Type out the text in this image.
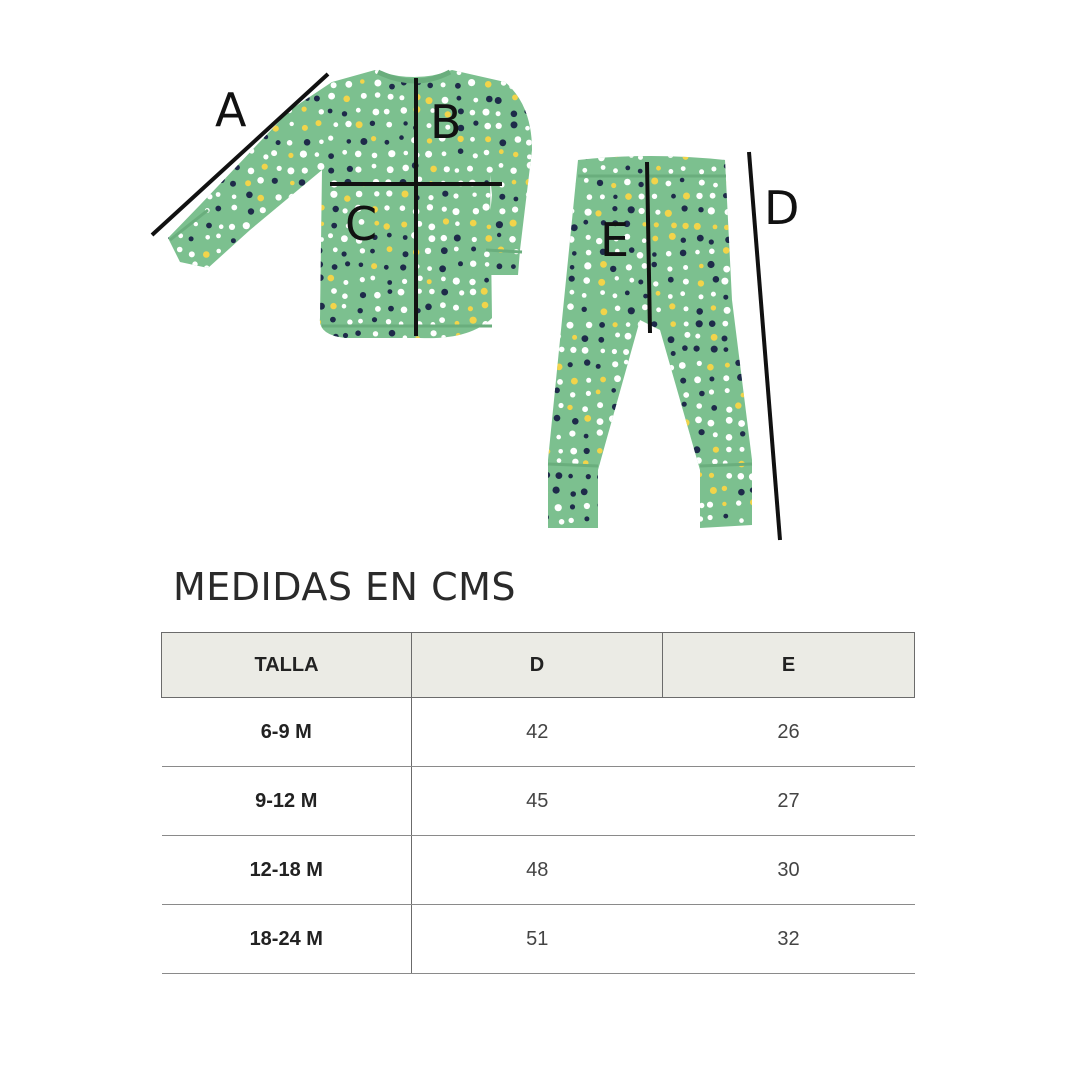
A	B
C	D
E
MEDIDAS EN CMS
TALLA	D	E
6-9 M	42	26
9-12 M	45	27
12-18 M	48	30
18-24 M	51	32
